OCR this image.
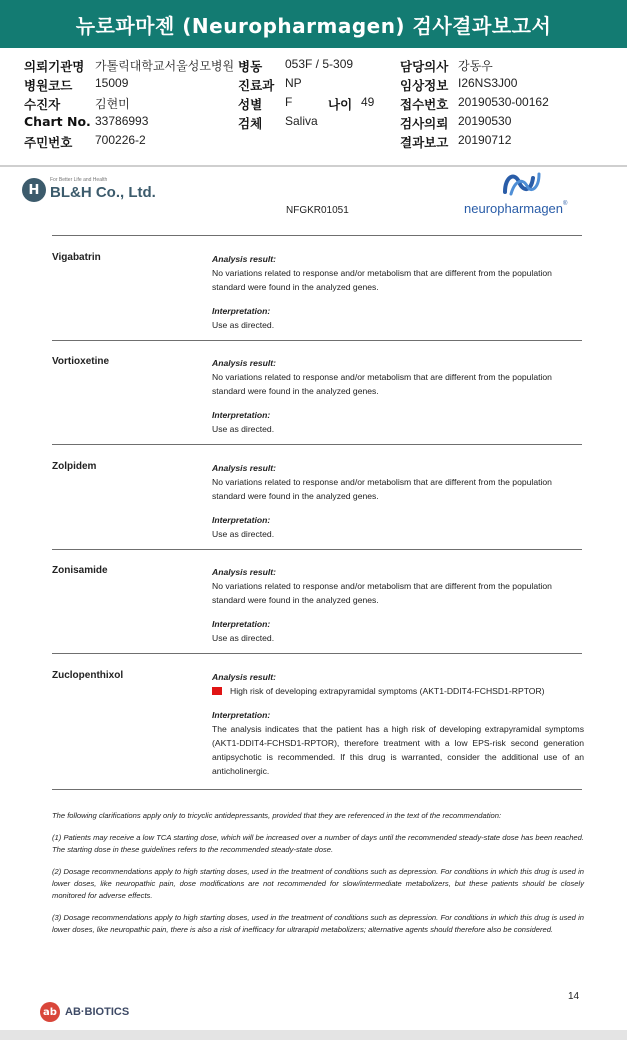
뉴로파마젠 (Neuropharmagen) 검사결과보고서
의뢰기관명 가톨릭대학교서울성모병원 병동 053F / 5-309	담당의사 강동우
병원코드 15009	진료과 NP	임상정보 I26NS3J00
수진자	김현미	성별 F	나이 49 접수번호 20190530-00162
Chart No. 33786993	검체 Saliva	검사의뢰 20190530
주민번호 700226-2	결과보고 20190712
H
For Better Life and Health
BL&H Co., Ltd.
NFGKR01051	neuropharmagen®
Vigabatrin	Analysis result:
No variations related to response and/or metabolism that are different from the population standard were found in the analyzed genes.
Interpretation:
Use as directed.
Vortioxetine	Analysis result:
No variations related to response and/or metabolism that are different from the population standard were found in the analyzed genes.
Interpretation:
Use as directed.
Zolpidem	Analysis result:
No variations related to response and/or metabolism that are different from the population standard were found in the analyzed genes.
Interpretation:
Use as directed.
Zonisamide	Analysis result:
No variations related to response and/or metabolism that are different from the population standard were found in the analyzed genes.
Interpretation:
Use as directed.
Zuclopenthixol	Analysis result:
High risk of developing extrapyramidal symptoms (AKT1-DDIT4-FCHSD1-RPTOR)
Interpretation:
The analysis indicates that the patient has a high risk of developing extrapyramidal symptoms (AKT1-DDIT4-FCHSD1-RPTOR), therefore treatment with a low EPS-risk second generation antipsychotic is recommended. If this drug is warranted, consider the additional use of an anticholinergic.

The following clarifications apply only to tricyclic antidepressants, provided that they are referenced in the text of the recommendation:

(1) Patients may receive a low TCA starting dose, which will be increased over a number of days until the recommended steady-state dose has been reached. The starting dose in these guidelines refers to the recommended steady-state dose.

(2) Dosage recommendations apply to high starting doses, used in the treatment of conditions such as depression. For conditions in which this drug is used in lower doses, like neuropathic pain, dose modifications are not recommended for slow/intermediate metabolizers, but these patients should be closely monitored for adverse effects.

(3) Dosage recommendations apply to high starting doses, used in the treatment of conditions such as depression. For conditions in which this drug is used in lower doses, like neuropathic pain, there is also a risk of inefficacy for ultrarapid metabolizers; alternative agents should therefore also be considered.

14
ab AB·BIOTICS
